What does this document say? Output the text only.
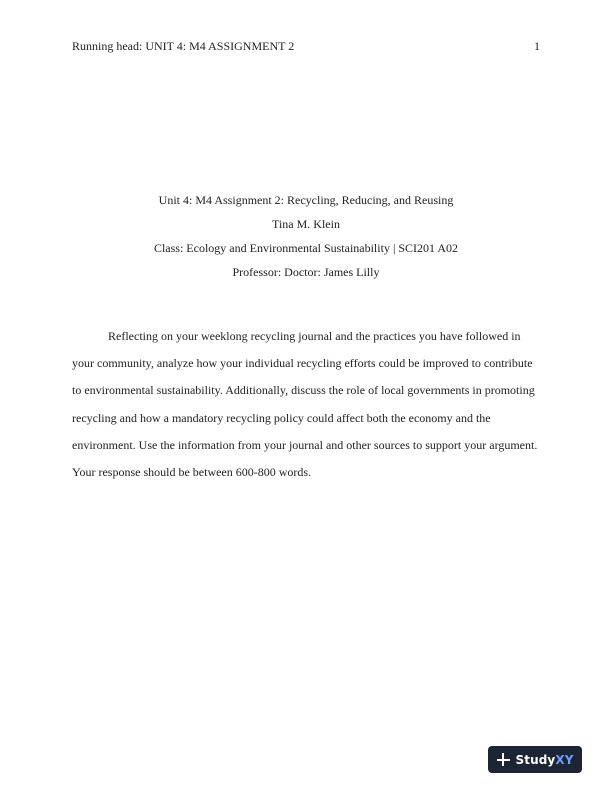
Running head: UNIT 4: M4 ASSIGNMENT 2	1
Unit 4: M4 Assignment 2: Recycling, Reducing, and Reusing
Tina M. Klein
Class: Ecology and Environmental Sustainability | SCI201 A02
Professor: Doctor: James Lilly
Reflecting on your weeklong recycling journal and the practices you have followed in
your community, analyze how your individual recycling efforts could be improved to contribute
to environmental sustainability. Additionally, discuss the role of local governments in promoting
recycling and how a mandatory recycling policy could affect both the economy and the
environment. Use the information from your journal and other sources to support your argument.
Your response should be between 600-800 words.
StudyXY
